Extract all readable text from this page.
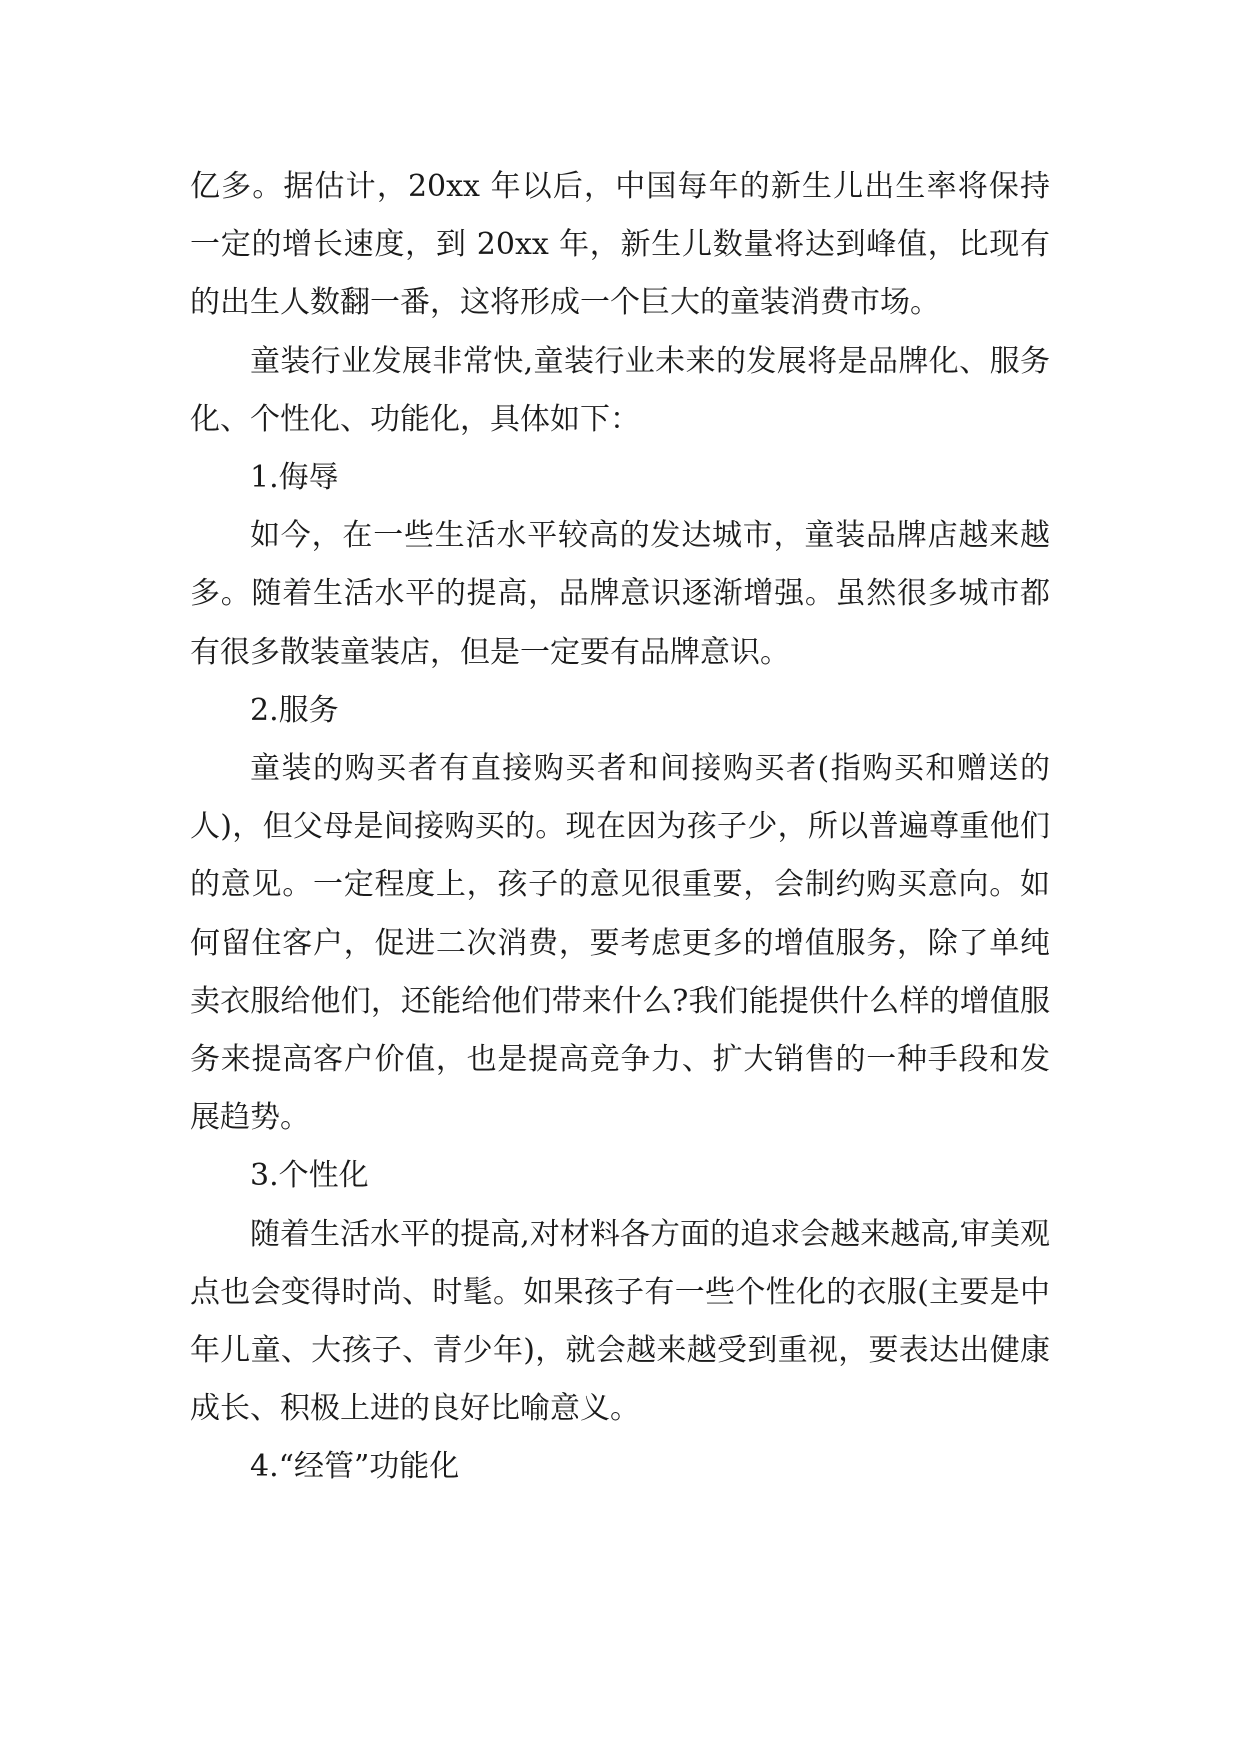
亿多。据估计，20xx 年以后，中国每年的新生儿出生率将保持一定的增长速度，到 20xx 年，新生儿数量将达到峰值，比现有的出生人数翻一番，这将形成一个巨大的童装消费市场。

童装行业发展非常快,童装行业未来的发展将是品牌化、服务化、个性化、功能化，具体如下：

1.侮辱

如今，在一些生活水平较高的发达城市，童装品牌店越来越多。随着生活水平的提高，品牌意识逐渐增强。虽然很多城市都有很多散装童装店，但是一定要有品牌意识。

2.服务

童装的购买者有直接购买者和间接购买者(指购买和赠送的人)，但父母是间接购买的。现在因为孩子少，所以普遍尊重他们的意见。一定程度上，孩子的意见很重要，会制约购买意向。如何留住客户，促进二次消费，要考虑更多的增值服务，除了单纯卖衣服给他们，还能给他们带来什么?我们能提供什么样的增值服务来提高客户价值，也是提高竞争力、扩大销售的一种手段和发展趋势。

3.个性化

随着生活水平的提高,对材料各方面的追求会越来越高,审美观点也会变得时尚、时髦。如果孩子有一些个性化的衣服(主要是中年儿童、大孩子、青少年)，就会越来越受到重视，要表达出健康成长、积极上进的良好比喻意义。

4.“经管”功能化
